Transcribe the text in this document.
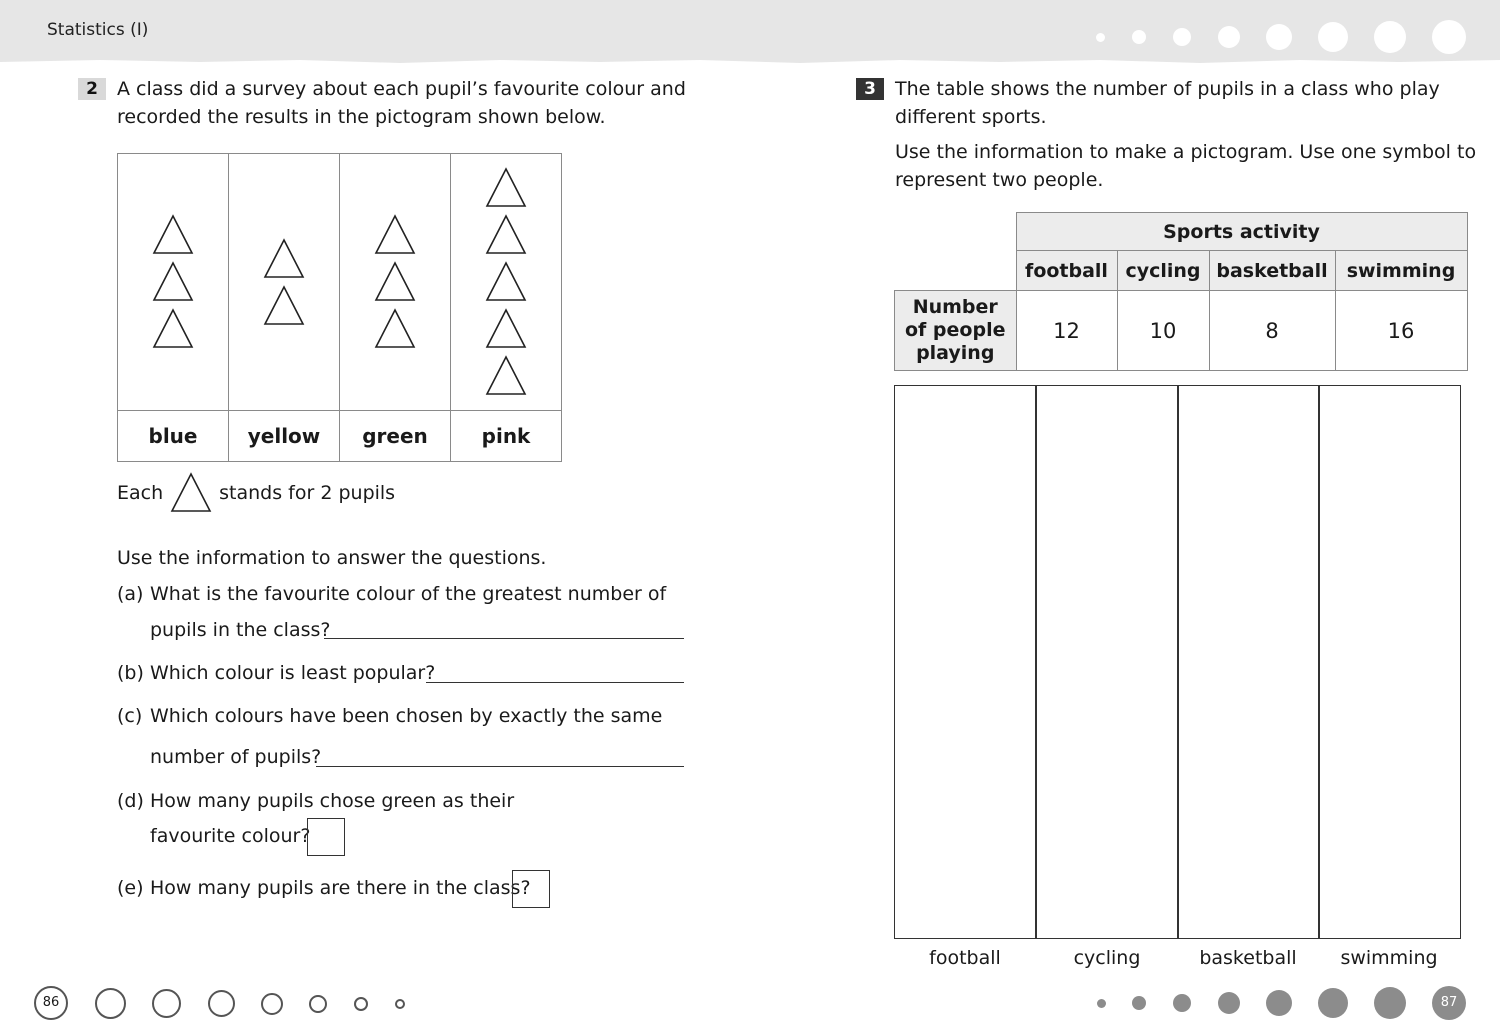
Statistics (I)
2	A class did a survey about each pupil’s favourite colour and
recorded the results in the pictogram shown below.

blue	yellow	green	pink
Each	stands for 2 pupils
Use the information to answer the questions.
(a) What is the favourite colour of the greatest number of
pupils in the class?
(b) Which colour is least popular?
(c) Which colours have been chosen by exactly the same
number of pupils?
(d) How many pupils chose green as their
favourite colour?
(e) How many pupils are there in the class?
3	The table shows the number of pupils in a class who play
different sports.
Use the information to make a pictogram. Use one symbol to
represent two people.
	Sports activity			
	football	cycling	basketball	swimming

Number
of people
playing	12	10	8	16
football	cycling	basketball	swimming
86	87
